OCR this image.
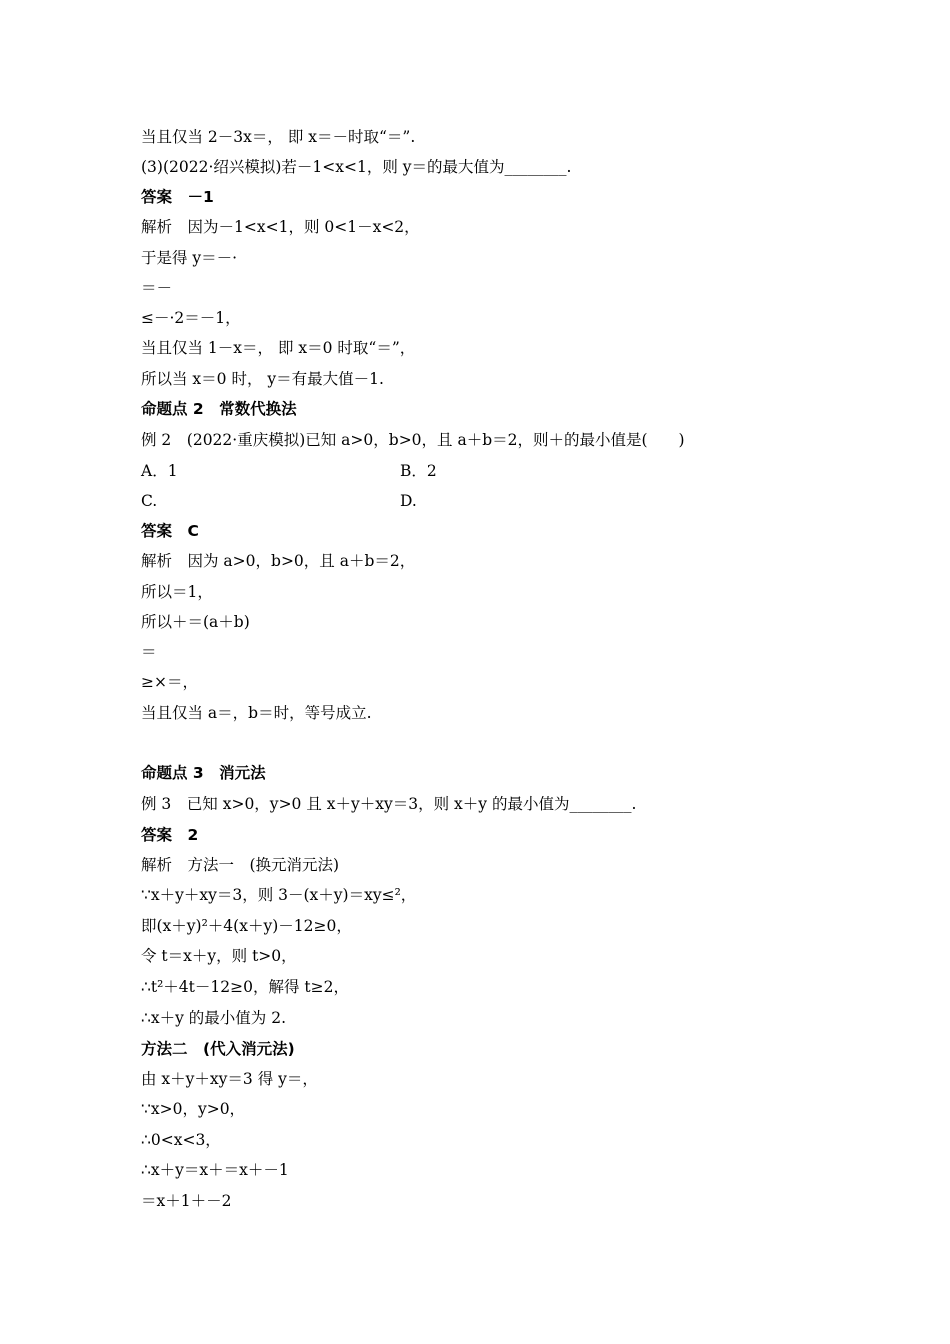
当且仅当 2－3x＝， 即 x＝－时取“＝”.
(3)(2022·绍兴模拟)若－1<x<1，则 y＝的最大值为________.
答案　－1
解析　因为－1<x<1，则 0<1－x<2，
于是得 y＝－·
＝－
≤－·2＝－1，
当且仅当 1－x＝， 即 x＝0 时取“＝”，
所以当 x＝0 时， y＝有最大值－1.
命题点 2　常数代换法
例 2　(2022·重庆模拟)已知 a>0，b>0，且 a＋b＝2，则＋的最小值是(　　)
A．1	B．2
C.	D.
答案　C
解析　因为 a>0，b>0，且 a＋b＝2，
所以＝1，
所以＋＝(a＋b)
＝
≥×＝，
当且仅当 a＝，b＝时，等号成立.
命题点 3　消元法
例 3　已知 x>0，y>0 且 x＋y＋xy＝3，则 x＋y 的最小值为________.
答案　2
解析　方法一　(换元消元法)
∵x＋y＋xy＝3，则 3－(x＋y)＝xy≤²，
即(x＋y)²＋4(x＋y)－12≥0，
令 t＝x＋y，则 t>0，
∴t²＋4t－12≥0，解得 t≥2，
∴x＋y 的最小值为 2.
方法二　(代入消元法)
由 x＋y＋xy＝3 得 y＝，
∵x>0，y>0，
∴0<x<3，
∴x＋y＝x＋＝x＋－1
＝x＋1＋－2
